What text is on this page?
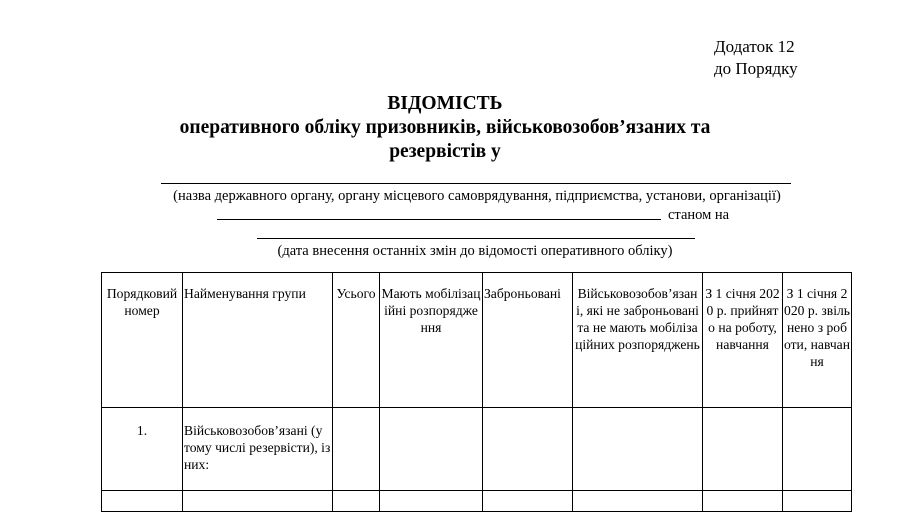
Додаток 12
до Порядку
ВІДОМІСТЬ
оперативного обліку призовників, військовозобов’язаних та
резервістів у
(назва державного органу, органу місцевого самоврядування, підприємства, установи, організації)
станом на
(дата внесення останніх змін до відомості оперативного обліку)
Порядковий номер	Найменування групи	Усього	Мають мобілізаційні розпорядження	Заброньовані	Військовозобов’язані, які не заброньовані та не мають мобілізаційних розпоряджень	З 1 січня 2020 р. прийнято на роботу, навчання	З 1 січня 2020 р. звільнено з роботи, навчання
1.	Військовозобов’язані (у тому числі резервісти), із них:						
